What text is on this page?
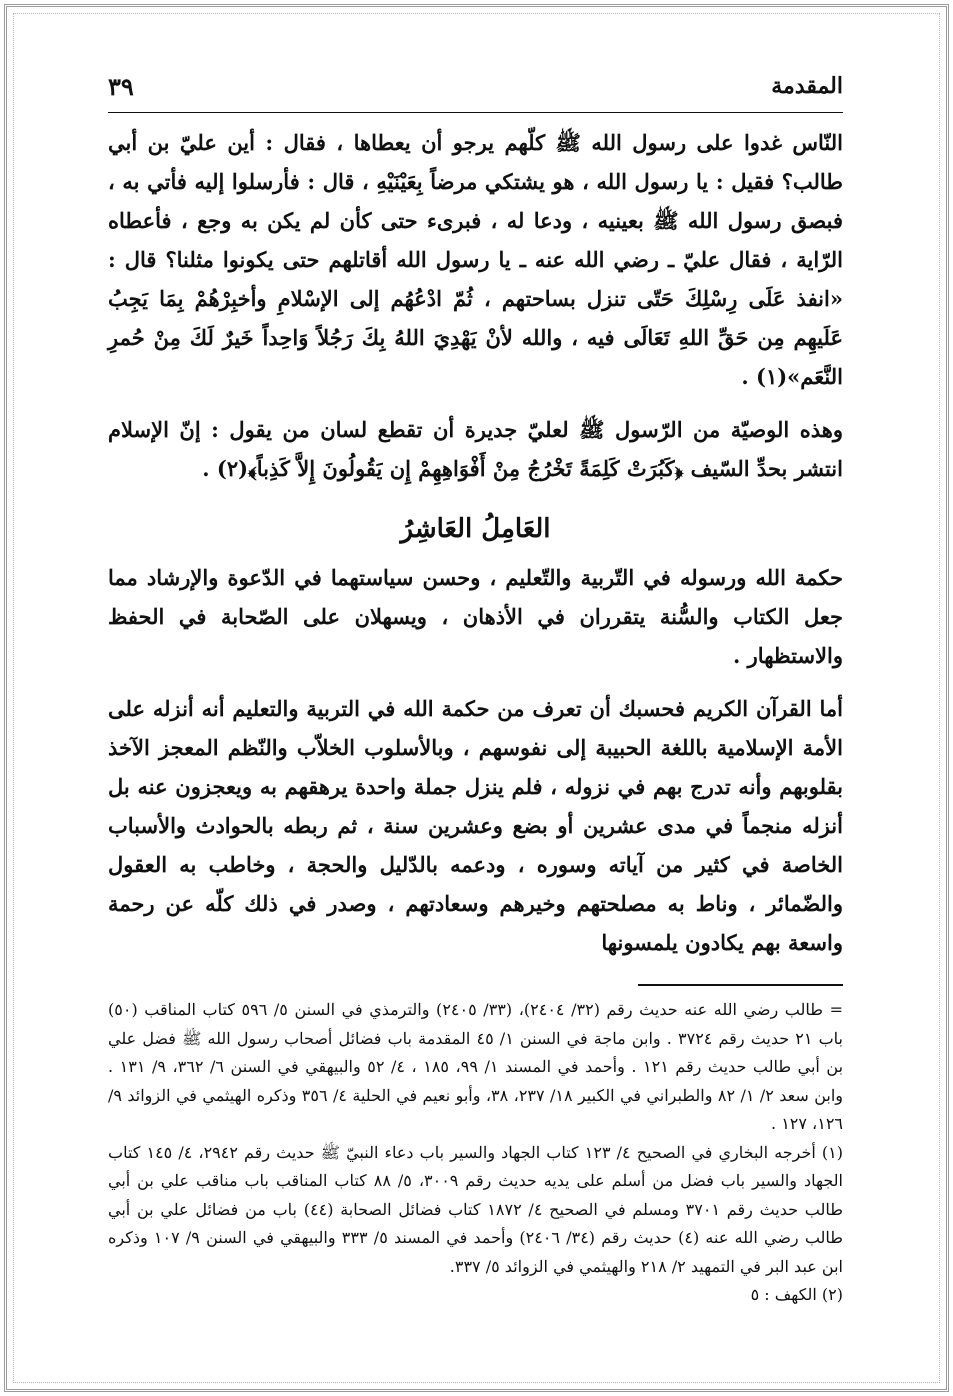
المقدمة
٣٩

النّاس غدوا على رسول الله ﷺ كلّهم يرجو أن يعطاها ، فقال : أين عليّ بن أبي طالب؟ فقيل : يا رسول الله ، هو يشتكي مرضاً بِعَيْنَيْهِ ، قال : فأرسلوا إليه فأتي به ، فبصق رسول الله ﷺ بعينيه ، ودعا له ، فبرىء حتى كأن لم يكن به وجع ، فأعطاه الرّاية ، فقال عليّ ـ رضي الله عنه ـ يا رسول الله أقاتلهم حتى يكونوا مثلنا؟ قال : «انفذ عَلَى رِسْلِكَ حَتّى تنزل بساحتهم ، ثُمّ ادْعُهُم إلى الإسْلامِ وأخبِرْهُمْ بِمَا يَجِبُ عَلَيهِم مِن حَقِّ اللهِ تَعَالَى فيه ، والله لأنْ يَهْدِيَ اللهُ بِكَ رَجُلاً وَاحِداً خَيرٌ لَكَ مِنْ حُمرِ النَّعَم»(١) .

وهذه الوصيّة من الرّسول ﷺ لعليّ جديرة أن تقطع لسان من يقول : إنّ الإسلام انتشر بحدِّ السّيف ﴿كَبُرَتْ كَلِمَةً تَخْرُجُ مِنْ أَفْوَاهِهِمْ إِن يَقُولُونَ إِلاَّ كَذِباً﴾(٢) .

العَامِلُ العَاشِرُ

حكمة الله ورسوله في التّربية والتّعليم ، وحسن سياستهما في الدّعوة والإرشاد مما جعل الكتاب والسُّنة يتقرران في الأذهان ، ويسهلان على الصّحابة في الحفظ والاستظهار .

أما القرآن الكريم فحسبك أن تعرف من حكمة الله في التربية والتعليم أنه أنزله على الأمة الإسلامية باللغة الحبيبة إلى نفوسهم ، وبالأسلوب الخلاّب والنّظم المعجز الآخذ بقلوبهم وأنه تدرج بهم في نزوله ، فلم ينزل جملة واحدة يرهقهم به ويعجزون عنه بل أنزله منجماً في مدى عشرين أو بضع وعشرين سنة ، ثم ربطه بالحوادث والأسباب الخاصة في كثير من آياته وسوره ، ودعمه بالدّليل والحجة ، وخاطب به العقول والضّمائر ، وناط به مصلحتهم وخيرهم وسعادتهم ، وصدر في ذلك كلّه عن رحمة واسعة بهم يكادون يلمسونها

= طالب رضي الله عنه حديث رقم (٣٢/ ٢٤٠٤)، (٣٣/ ٢٤٠٥) والترمذي في السنن ٥/ ٥٩٦ كتاب المناقب (٥٠) باب ٢١ حديث رقم ٣٧٢٤ . وابن ماجة في السنن ١/ ٤٥ المقدمة باب فضائل أصحاب رسول الله ﷺ فضل علي بن أبي طالب حديث رقم ١٢١ . وأحمد في المسند ١/ ٩٩، ١٨٥ ، ٤/ ٥٢ والبيهقي في السنن ٦/ ٣٦٢، ٩/ ١٣١ . وابن سعد ٢/ ١/ ٨٢ والطبراني في الكبير ١٨/ ٢٣٧، ٣٨، وأبو نعيم في الحلية ٤/ ٣٥٦ وذكره الهيثمي في الزوائد ٩/ ١٢٦، ١٢٧ .

(١) أخرجه البخاري في الصحيح ٤/ ١٢٣ كتاب الجهاد والسير باب دعاء النبيّ ﷺ حديث رقم ٢٩٤٢، ٤/ ١٤٥ كتاب الجهاد والسير باب فضل من أسلم على يديه حديث رقم ٣٠٠٩، ٥/ ٨٨ كتاب المناقب باب مناقب علي بن أبي طالب حديث رقم ٣٧٠١ ومسلم في الصحيح ٤/ ١٨٧٢ كتاب فضائل الصحابة (٤٤) باب من فضائل علي بن أبي طالب رضي الله عنه (٤) حديث رقم (٣٤/ ٢٤٠٦) وأحمد في المسند ٥/ ٣٣٣ والبيهقي في السنن ٩/ ١٠٧ وذكره ابن عبد البر في التمهيد ٢/ ٢١٨ والهيثمي في الزوائد ٥/ ٣٣٧.

(٢) الكهف : ٥
